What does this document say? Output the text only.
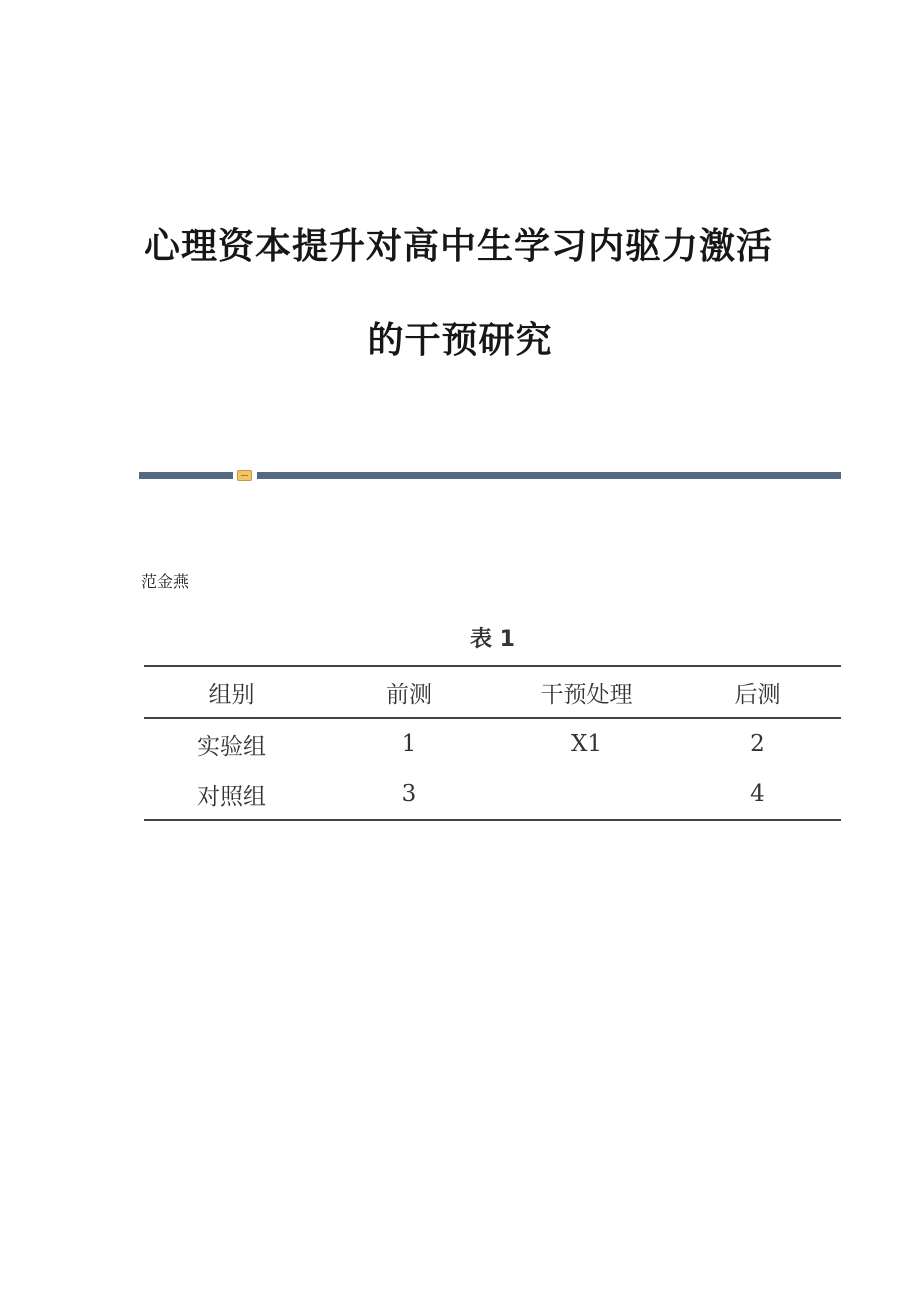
心理资本提升对高中生学习内驱力激活
的干预研究
范金燕
表 1
组别	前测	干预处理	后测
实验组	1	X1	2
对照组	3		4
